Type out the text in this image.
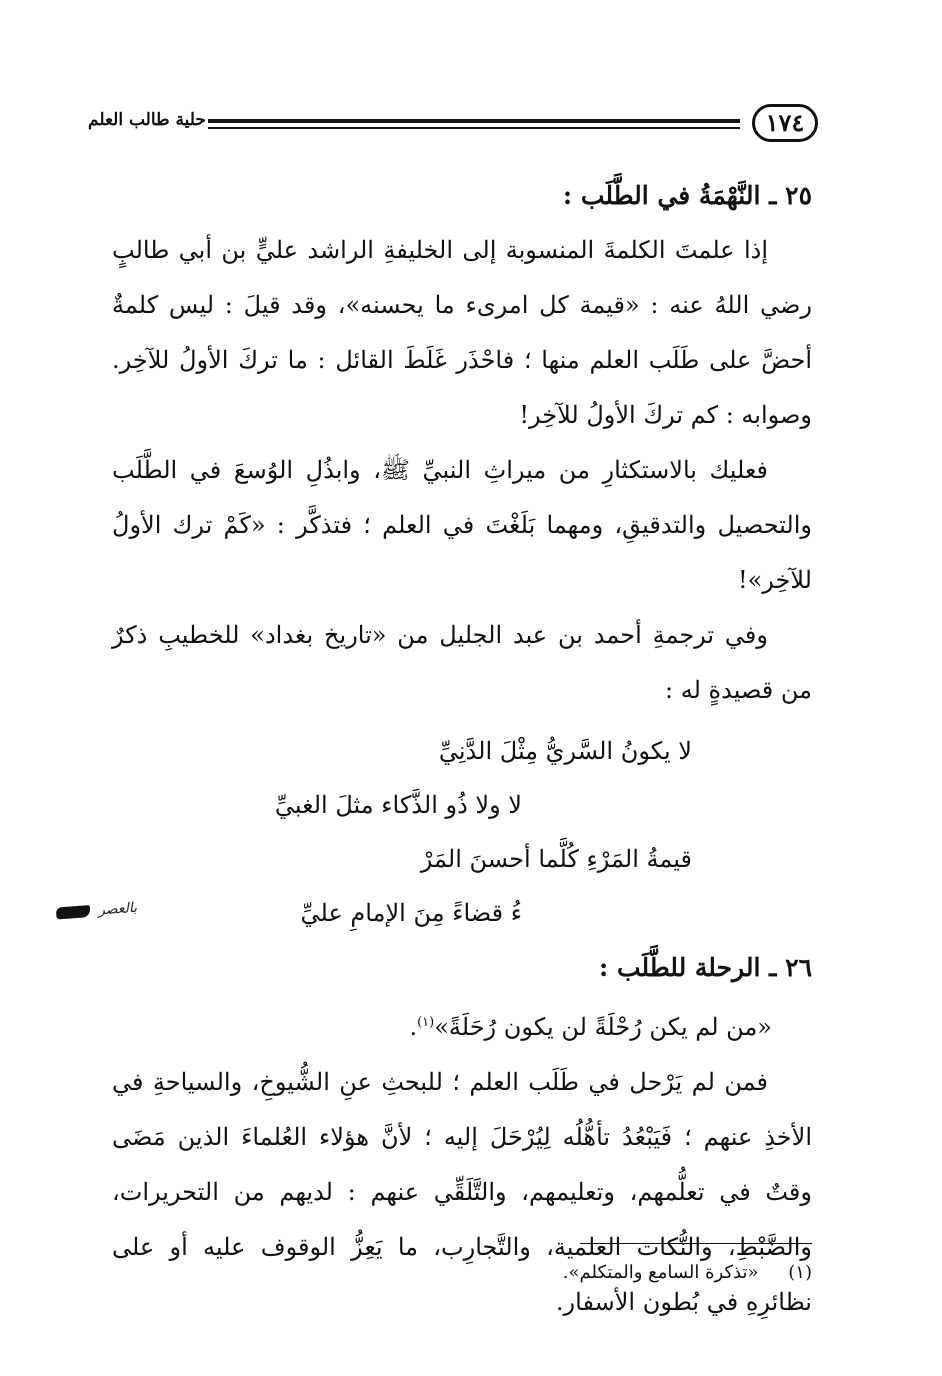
١٧٤
حلية طالب العلم
٢٥ ـ النَّهْمَةُ في الطَّلَب :

إذا علمتَ الكلمةَ المنسوبة إلى الخليفةِ الراشد عليٍّ بن أبي طالبٍ رضي اللهُ عنه : «قيمة كل امرىء ما يحسنه»، وقد قيلَ : ليس كلمةٌ أحضَّ على طَلَب العلم منها ؛ فاحْذَر غَلَطَ القائل : ما تركَ الأولُ للآخِر. وصوابه : كم تركَ الأولُ للآخِر!

فعليك بالاستكثارِ من ميراثِ النبيِّ ﷺ، وابذُلِ الوُسعَ في الطَّلَب والتحصيل والتدقيقِ، ومهما بَلَغْتَ في العلم ؛ فتذكَّر : «كَمْ ترك الأولُ للآخِر»!

وفي ترجمةِ أحمد بن عبد الجليل من «تاريخ بغداد» للخطيبِ ذكرٌ من قصيدةٍ له :

لا يكونُ السَّريُّ مِثْلَ الدَّنِيِّ
لا ولا ذُو الذَّكاء مثلَ الغبيِّ
قيمةُ المَرْءِ كُلَّما أحسنَ المَرْ
ءُ قضاءً مِنَ الإمامِ عليِّ
٢٦ ـ الرحلة للطَّلَب :

«من لم يكن رُحْلَةً لن يكون رُحَلَةً»$^{(١)}$.

فمن لم يَرْحل في طَلَب العلم ؛ للبحثِ عنِ الشُّيوخِ، والسياحةِ في الأخذِ عنهم ؛ فَيَبْعُدُ تأهُّلُه لِيُرْحَلَ إليه ؛ لأنَّ هؤلاء العُلماءَ الذين مَضَى وقتٌ في تعلُّمهم، وتعليمهم، والتَّلَقِّي عنهم : لديهم من التحريرات، والضَّبْطِ، والنُّكات العلمية، والتَّجارِب، ما يَعِزُّ الوقوف عليه أو على نظائرِهِ في بُطون الأسفار.

بالعصر
(١) «تذكرة السامع والمتكلم».
